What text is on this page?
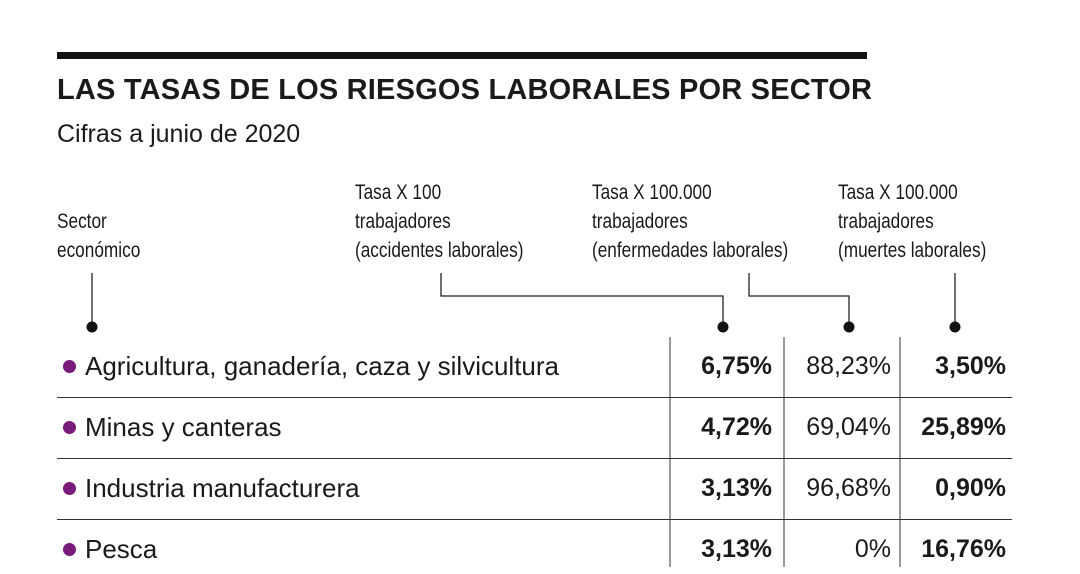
LAS TASAS DE LOS RIESGOS LABORALES POR SECTOR
Cifras a junio de 2020
Sector
económico
Tasa X 100
trabajadores
(accidentes laborales)
Tasa X 100.000
trabajadores
(enfermedades laborales)
Tasa X 100.000
trabajadores
(muertes laborales)
Agricultura, ganadería, caza y silvicultura	6,75% 88,23% 3,50%
Minas y canteras	4,72% 69,04% 25,89%
Industria manufacturera	3,13% 96,68% 0,90%
Pesca	3,13%	0% 16,76%
